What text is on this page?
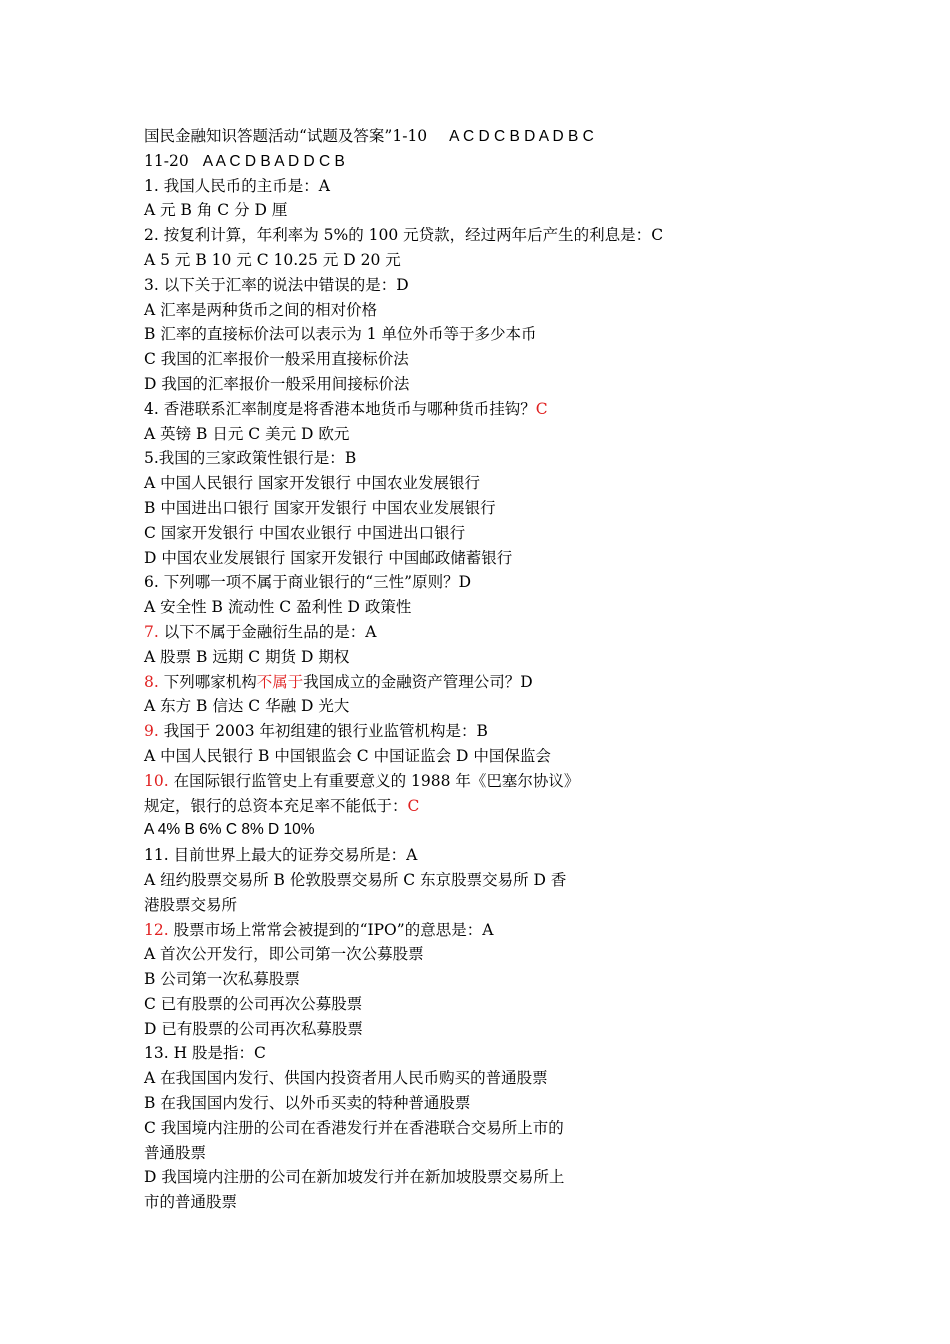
国民金融知识答题活动“试题及答案”1-10 A C D C B D A D B C
11-20 A A C D B A D D C B
1. 我国人民币的主币是：A
A 元 B 角 C 分 D 厘
2. 按复利计算，年利率为 5%的 100 元贷款，经过两年后产生的利息是：C
A 5 元 B 10 元 C 10.25 元 D 20 元
3. 以下关于汇率的说法中错误的是：D
A 汇率是两种货币之间的相对价格
B 汇率的直接标价法可以表示为 1 单位外币等于多少本币
C 我国的汇率报价一般采用直接标价法
D 我国的汇率报价一般采用间接标价法
4. 香港联系汇率制度是将香港本地货币与哪种货币挂钩？C
A 英镑 B 日元 C 美元 D 欧元
5.我国的三家政策性银行是：B
A 中国人民银行 国家开发银行 中国农业发展银行
B 中国进出口银行 国家开发银行 中国农业发展银行
C 国家开发银行 中国农业银行 中国进出口银行
D 中国农业发展银行 国家开发银行 中国邮政储蓄银行
6. 下列哪一项不属于商业银行的“三性”原则？D
A 安全性 B 流动性 C 盈利性 D 政策性
7. 以下不属于金融衍生品的是：A
A 股票 B 远期 C 期货 D 期权
8. 下列哪家机构不属于我国成立的金融资产管理公司？D
A 东方 B 信达 C 华融 D 光大
9. 我国于 2003 年初组建的银行业监管机构是：B
A 中国人民银行 B 中国银监会 C 中国证监会 D 中国保监会
10. 在国际银行监管史上有重要意义的 1988 年《巴塞尔协议》
规定，银行的总资本充足率不能低于：C
A 4% B 6% C 8% D 10%
11. 目前世界上最大的证券交易所是：A
A 纽约股票交易所 B 伦敦股票交易所 C 东京股票交易所 D 香
港股票交易所
12. 股票市场上常常会被提到的“IPO”的意思是：A
A 首次公开发行，即公司第一次公募股票
B 公司第一次私募股票
C 已有股票的公司再次公募股票
D 已有股票的公司再次私募股票
13. H 股是指：C
A 在我国国内发行、供国内投资者用人民币购买的普通股票
B 在我国国内发行、以外币买卖的特种普通股票
C 我国境内注册的公司在香港发行并在香港联合交易所上市的
普通股票
D 我国境内注册的公司在新加坡发行并在新加坡股票交易所上
市的普通股票
